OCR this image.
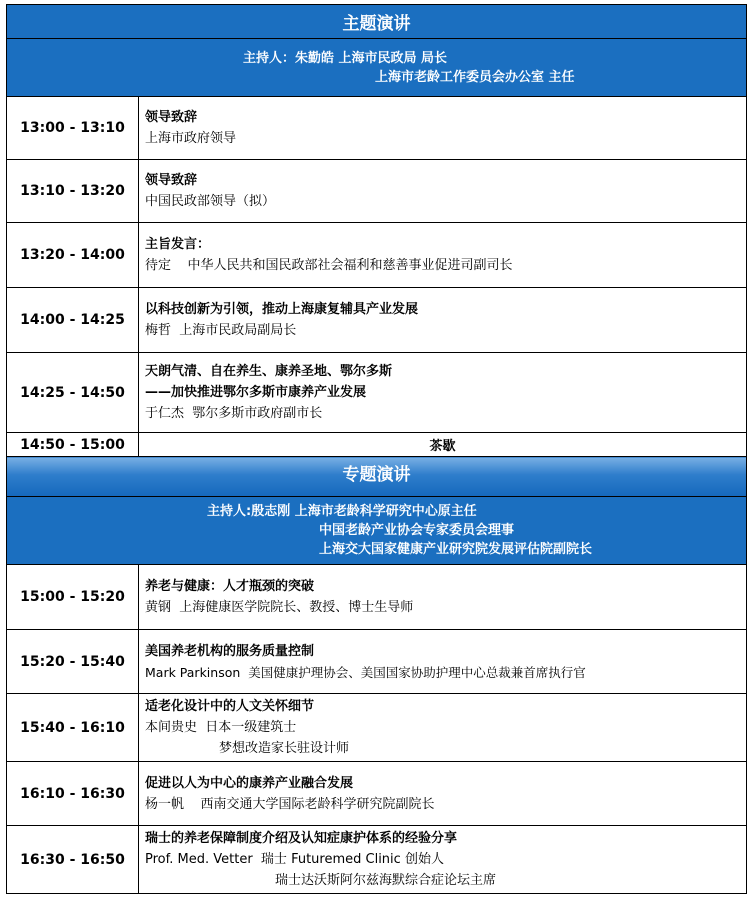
主题演讲	

主持人：朱勤皓 上海市民政局 局长
上海市老龄工作委员会办公室 主任	

13:00 - 13:10	领导致辞
上海市政府领导

13:10 - 13:20	领导致辞
中国民政部领导（拟）

13:20 - 14:00	主旨发言：
待定    中华人民共和国民政部社会福利和慈善事业促进司副司长

14:00 - 14:25	以科技创新为引领，推动上海康复辅具产业发展
梅哲  上海市民政局副局长

14:25 - 14:50	天朗气清、自在养生、康养圣地、鄂尔多斯
——加快推进鄂尔多斯市康养产业发展
于仁杰  鄂尔多斯市政府副市长

14:50 - 15:00	茶歇
专题演讲	

主持人:殷志刚 上海市老龄科学研究中心原主任
中国老龄产业协会专家委员会理事
上海交大国家健康产业研究院发展评估院副院长	

15:00 - 15:20	养老与健康：人才瓶颈的突破
黄钢  上海健康医学院院长、教授、博士生导师

15:20 - 15:40	美国养老机构的服务质量控制
Mark Parkinson  美国健康护理协会、美国国家协助护理中心总裁兼首席执行官

15:40 - 16:10	适老化设计中的人文关怀细节
本间贵史  日本一级建筑士
梦想改造家长驻设计师

16:10 - 16:30	促进以人为中心的康养产业融合发展
杨一帆    西南交通大学国际老龄科学研究院副院长

16:30 - 16:50	瑞士的养老保障制度介绍及认知症康护体系的经验分享
Prof. Med. Vetter  瑞士 Futuremed Clinic 创始人
瑞士达沃斯阿尔兹海默综合症论坛主席
